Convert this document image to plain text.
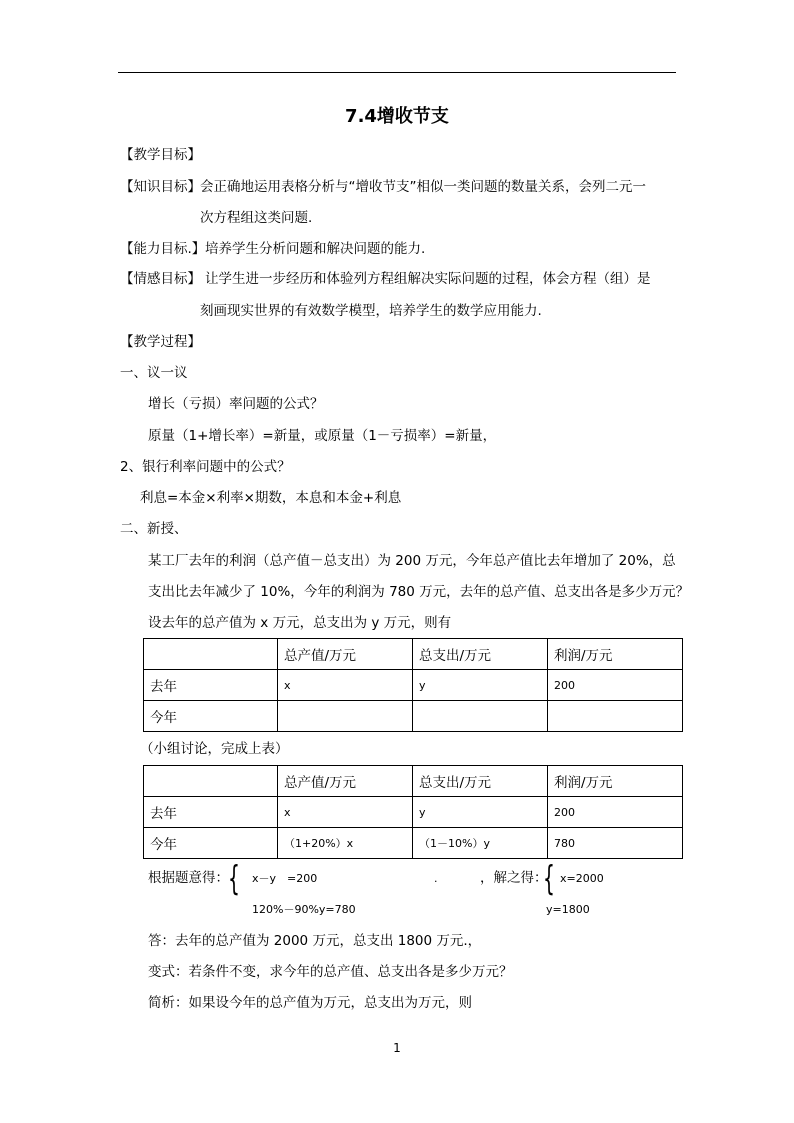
7.4增收节支
【教学目标】
【知识目标】 会正确地运用表格分析与“增收节支”相似一类问题的数量关系，会列二元一
次方程组这类问题.
【能力目标.】 培养学生分析问题和解决问题的能力.
【情感目标】 让学生进一步经历和体验列方程组解决实际问题的过程，体会方程（组）是
刻画现实世界的有效数学模型，培养学生的数学应用能力.
【教学过程】
一、议一议
增长（亏损）率问题的公式？
原量（1+增长率）=新量，或原量（1－亏损率）=新量，
2、银行利率问题中的公式？
利息=本金×利率×期数，本息和本金+利息
二、新授、
某工厂去年的利润（总产值－总支出）为 200 万元，今年总产值比去年增加了 20%，总
支出比去年减少了 10%，今年的利润为 780 万元，去年的总产值、总支出各是多少万元？
设去年的总产值为 x 万元，总支出为 y 万元，则有
	总产值/万元	总支出/万元	利润/万元
去年	x	y	200
今年			
（小组讨论，完成上表）
	总产值/万元	总支出/万元	利润/万元
去年	x	y	200
今年	（1+20%）x	（1－10%）y	780
根据题意得： { x－y　=200	.	，解之得：
{ x=2000
120%－90%y=780	y=1800
答：去年的总产值为 2000 万元，总支出 1800 万元.，
变式：若条件不变，求今年的总产值、总支出各是多少万元？
简析：如果设今年的总产值为万元，总支出为万元，则
1
